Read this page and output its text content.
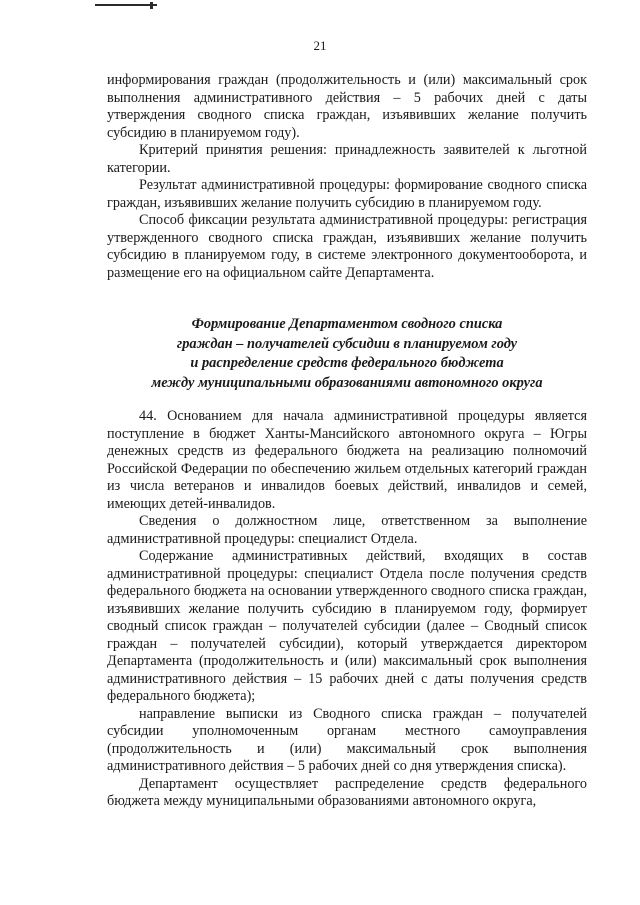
21

информирования граждан (продолжительность и (или) максимальный срок выполнения административного действия – 5 рабочих дней с даты утверждения сводного списка граждан, изъявивших желание получить субсидию в планируемом году).

Критерий принятия решения: принадлежность заявителей к льготной категории.

Результат административной процедуры: формирование сводного списка граждан, изъявивших желание получить субсидию в планируемом году.

Способ фиксации результата административной процедуры: регистрация утвержденного сводного списка граждан, изъявивших желание получить субсидию в планируемом году, в системе электронного документооборота, и размещение его на официальном сайте Департамента.

Формирование Департаментом сводного списка
граждан – получателей субсидии в планируемом году
и распределение средств федерального бюджета
между муниципальными образованиями автономного округа

44. Основанием для начала административной процедуры является поступление в бюджет Ханты-Мансийского автономного округа – Югры денежных средств из федерального бюджета на реализацию полномочий Российской Федерации по обеспечению жильем отдельных категорий граждан из числа ветеранов и инвалидов боевых действий, инвалидов и семей, имеющих детей-инвалидов.

Сведения о должностном лице, ответственном за выполнение административной процедуры: специалист Отдела.

Содержание административных действий, входящих в состав административной процедуры: специалист Отдела после получения средств федерального бюджета на основании утвержденного сводного списка граждан, изъявивших желание получить субсидию в планируемом году, формирует сводный список граждан – получателей субсидии (далее – Сводный список граждан – получателей субсидии), который утверждается директором Департамента (продолжительность и (или) максимальный срок выполнения административного действия – 15 рабочих дней с даты получения средств федерального бюджета);

направление выписки из Сводного списка граждан – получателей субсидии уполномоченным органам местного самоуправления (продолжительность и (или) максимальный срок выполнения административного действия – 5 рабочих дней со дня утверждения списка).

Департамент осуществляет распределение средств федерального бюджета между муниципальными образованиями автономного округа,
